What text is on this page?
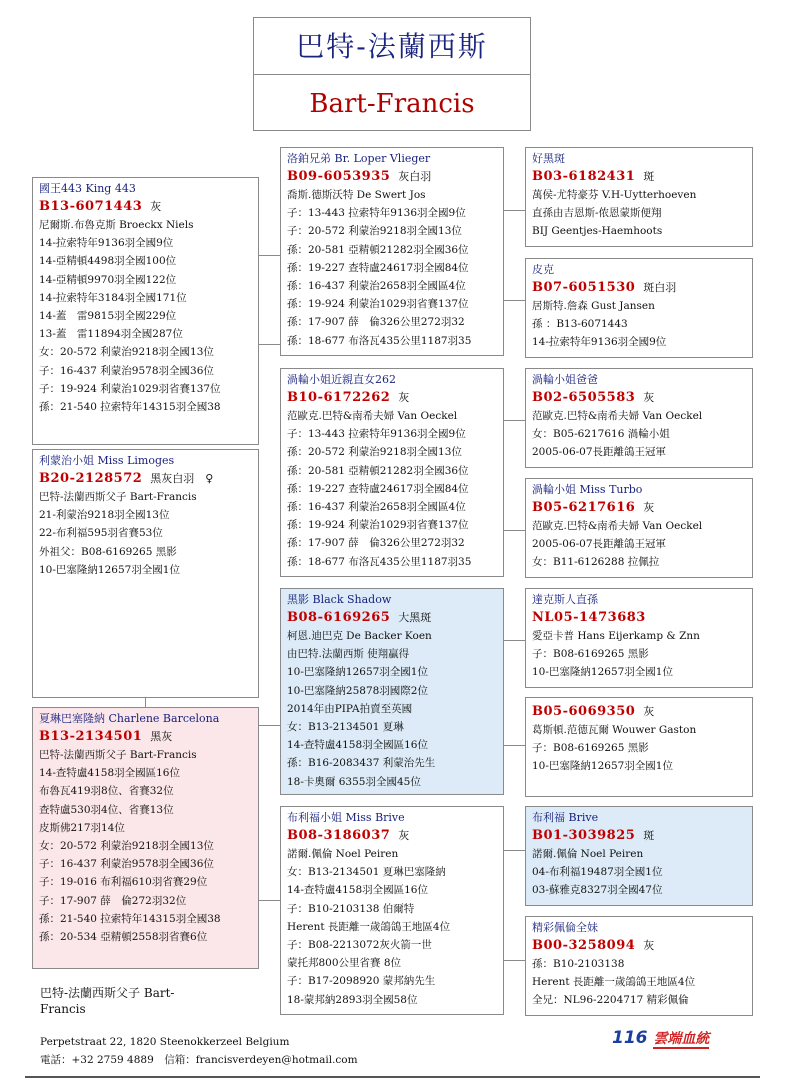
巴特-法蘭西斯
Bart-Francis
國王443 King 443
B13-6071443 灰
尼爾斯.布魯克斯 Broeckx Niels
14-拉索特年9136羽全國9位
14-亞精頓4498羽全國100位
14-亞精頓9970羽全國122位
14-拉索特年3184羽全國171位
14-蓋　雷9815羽全國229位
13-蓋　雷11894羽全國287位
女：20-572 利蒙治9218羽全國13位
子：16-437 利蒙治9578羽全國36位
子：19-924 利蒙治1029羽省賽137位
孫：21-540 拉索特年14315羽全國38
洛鉑兄弟 Br. Loper Vlieger
B09-6053935 灰白羽
喬斯.德斯沃特 De Swert Jos
子：13-443 拉索特年9136羽全國9位
子：20-572 利蒙治9218羽全國13位
孫：20-581 亞精頓21282羽全國36位
孫：19-227 查特盧24617羽全國84位
孫：16-437 利蒙治2658羽全國區4位
孫：19-924 利蒙治1029羽省賽137位
孫：17-907 薛　倫326公里272羽32
孫：18-677 布洛瓦435公里1187羽35
好黑斑
B03-6182431 斑
萬侯-尤特豪芬 V.H-Uytterhoeven
直孫由吉恩斯-侬恩蒙斯便翔
BIJ Geentjes-Haemhoots
皮克
B07-6051530 斑白羽
居斯特.詹森 Gust Jansen
孫 ：B13-6071443
14-拉索特年9136羽全國9位
渦輪小姐近親直女262
B10-6172262 灰
范歐克.巴特&南希夫婦 Van Oeckel
子：13-443 拉索特年9136羽全國9位
孫：20-572 利蒙治9218羽全國13位
孫：20-581 亞精頓21282羽全國36位
孫：19-227 查特盧24617羽全國84位
孫：16-437 利蒙治2658羽全國區4位
孫：19-924 利蒙治1029羽省賽137位
孫：17-907 薛　倫326公里272羽32
孫：18-677 布洛瓦435公里1187羽35
渦輪小姐爸爸
B02-6505583 灰
范歐克.巴特&南希夫婦 Van Oeckel
女：B05-6217616 渦輪小姐
2005-06-07長距離鴿王冠軍
渦輪小姐 Miss Turbo
B05-6217616 灰
范歐克.巴特&南希夫婦 Van Oeckel
2005-06-07長距離鴿王冠軍
女：B11-6126288 拉佩拉
利蒙治小姐 Miss Limoges
B20-2128572 黑灰白羽　♀
巴特-法蘭西斯父子 Bart-Francis
21-利蒙治9218羽全國13位
22-布利福595羽省賽53位
外祖父：B08-6169265 黑影
10-巴塞隆納12657羽全國1位
夏琳巴塞隆納 Charlene Barcelona
B13-2134501 黑灰
巴特-法蘭西斯父子 Bart-Francis
14-查特盧4158羽全國區16位
布魯瓦419羽8位、省賽32位
查特盧530羽4位、省賽13位
皮斯佛217羽14位
女：20-572 利蒙治9218羽全國13位
子：16-437 利蒙治9578羽全國36位
子：19-016 布利福610羽省賽29位
子：17-907 薛　倫272羽32位
孫：21-540 拉索特年14315羽全國38
孫：20-534 亞精頓2558羽省賽6位
黑影 Black Shadow
B08-6169265 大黑斑
柯恩.迪巴克 De Backer Koen
由巴特.法蘭西斯 使翔贏得
10-巴塞隆納12657羽全國1位
10-巴塞隆納25878羽國際2位
2014年由PIPA拍賣至英國
女：B13-2134501 夏琳
14-查特盧4158羽全國區16位
孫：B16-2083437 利蒙治先生
18-卡奧爾 6355羽全國45位
達克斯人直孫
NL05-1473683
愛亞卡普 Hans Eijerkamp & Znn
子：B08-6169265 黑影
10-巴塞隆納12657羽全國1位
B05-6069350 灰
葛斯頓.范德瓦爾 Wouwer Gaston
子：B08-6169265 黑影
10-巴塞隆納12657羽全國1位
布利福小姐 Miss Brive
B08-3186037 灰
諾爾.佩倫 Noel Peiren
女：B13-2134501 夏琳巴塞隆納
14-查特盧4158羽全國區16位
子：B10-2103138 伯爾特
Herent 長距離一歲鴿鴿王地區4位
子：B08-2213072灰火箭一世
蒙托邦800公里省賽 8位
子：B17-2098920 蒙邦納先生
18-蒙邦納2893羽全國58位
布利福 Brive
B01-3039825 斑
諾爾.佩倫 Noel Peiren
04-布利福19487羽全國1位
03-蘇雅克8327羽全國47位
精彩佩倫全妹
B00-3258094 灰
孫：B10-2103138
Herent 長距離一歲鴿鴿王地區4位
全兄：NL96-2204717 精彩佩倫
巴特-法蘭西斯父子 Bart-Francis
Perpetstraat 22, 1820 Steenokkerzeel Belgium
電話：+32 2759 4889　信箱：francisverdeyen@hotmail.com
116 雲端血統
